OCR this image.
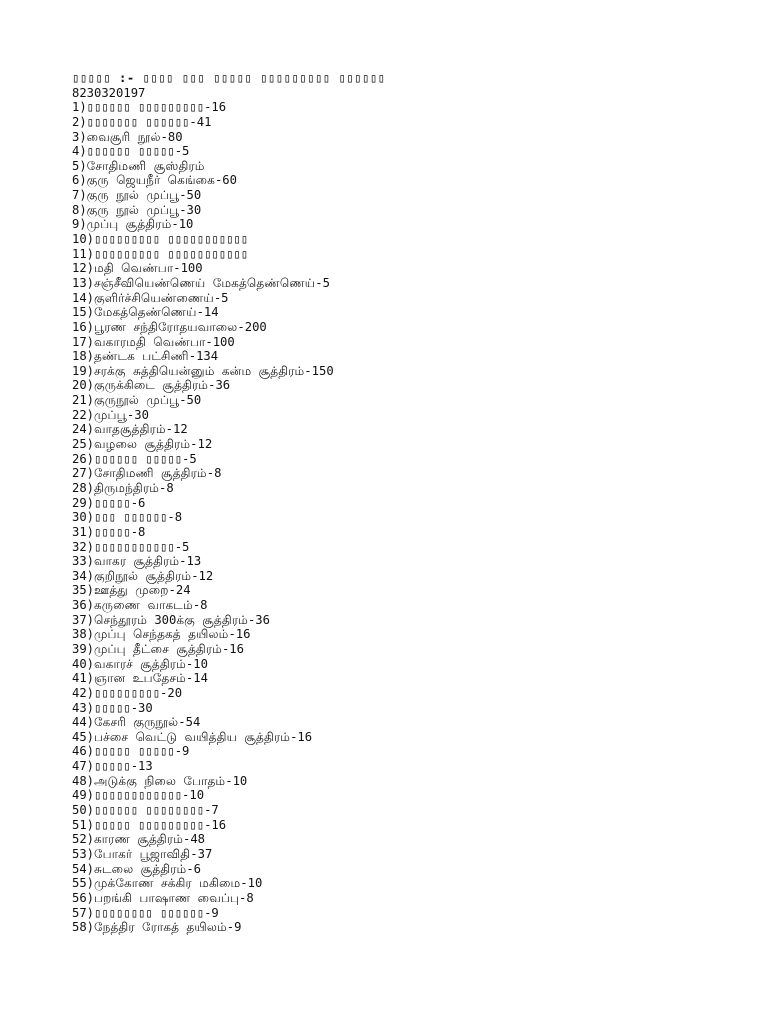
▯▯▯▯▯ :- ▯▯▯▯ ▯▯▯ ▯▯▯▯▯ ▯▯▯▯▯▯▯▯▯ ▯▯▯▯▯▯
8230320197
1)▯▯▯▯▯▯ ▯▯▯▯▯▯▯▯▯-16
2)▯▯▯▯▯▯▯ ▯▯▯▯▯▯-41
3)வைசூரி நூல்-80
4)▯▯▯▯▯▯ ▯▯▯▯▯-5
5)சோதிமணி சூஸ்திரம்
6)குரு ஜெயநீர் கெங்கை-60
7)குரு நூல் முப்பூ-50
8)குரு நூல் முப்பூ-30
9)முப்பு சூத்திரம்-10
10)▯▯▯▯▯▯▯▯▯ ▯▯▯▯▯▯▯▯▯▯▯
11)▯▯▯▯▯▯▯▯▯ ▯▯▯▯▯▯▯▯▯▯▯
12)மதி வெண்பா-100
13)சஞ்சீவியெண்ணெய் மேகத்தெண்ணெய்-5
14)குளிர்ச்சியெண்ணைய்-5
15)மேகத்தெண்ணெய்-14
16)பூரண சந்திரோதயவாலை-200
17)வகாரமதி வெண்பா-100
18)தண்டக பட்சிணி-134
19)சரக்கு சுத்தியென்னும் கன்ம சூத்திரம்-150
20)குருக்கிடை சூத்திரம்-36
21)குருநூல் முப்பூ-50
22)முப்பூ-30
24)வாதசூத்திரம்-12
25)வழலை சூத்திரம்-12
26)▯▯▯▯▯▯ ▯▯▯▯▯-5
27)சோதிமணி சூத்திரம்-8
28)திருமந்திரம்-8
29)▯▯▯▯▯-6
30)▯▯▯ ▯▯▯▯▯▯-8
31)▯▯▯▯▯-8
32)▯▯▯▯▯▯▯▯▯▯▯-5
33)வாகர சூத்திரம்-13
34)குறிநூல் சூத்திரம்-12
35)ஊத்து முறை-24
36)கருணை வாகடம்-8
37)செந்தூரம் 300க்கு சூத்திரம்-36
38)முப்பு செந்தகத் தயிலம்-16
39)முப்பு தீட்சை சூத்திரம்-16
40)வகாரச் சூத்திரம்-10
41)ஞான உபதேசம்-14
42)▯▯▯▯▯▯▯▯▯-20
43)▯▯▯▯▯-30
44)கேசரி குருநூல்-54
45)பச்சை வெட்டு வயித்திய சூத்திரம்-16
46)▯▯▯▯▯ ▯▯▯▯▯-9
47)▯▯▯▯▯-13
48)அடுக்கு நிலை போதம்-10
49)▯▯▯▯▯▯▯▯▯▯▯▯-10
50)▯▯▯▯▯▯ ▯▯▯▯▯▯▯▯-7
51)▯▯▯▯▯ ▯▯▯▯▯▯▯▯▯-16
52)காரண சூத்திரம்-48
53)போகர் பூஜாவிதி-37
54)சுடலை சூத்திரம்-6
55)முக்கோண சக்கிர மகிமை-10
56)பறங்கி பாஷாண வைப்பு-8
57)▯▯▯▯▯▯▯▯ ▯▯▯▯▯▯-9
58)நேத்திர ரோகத் தயிலம்-9
